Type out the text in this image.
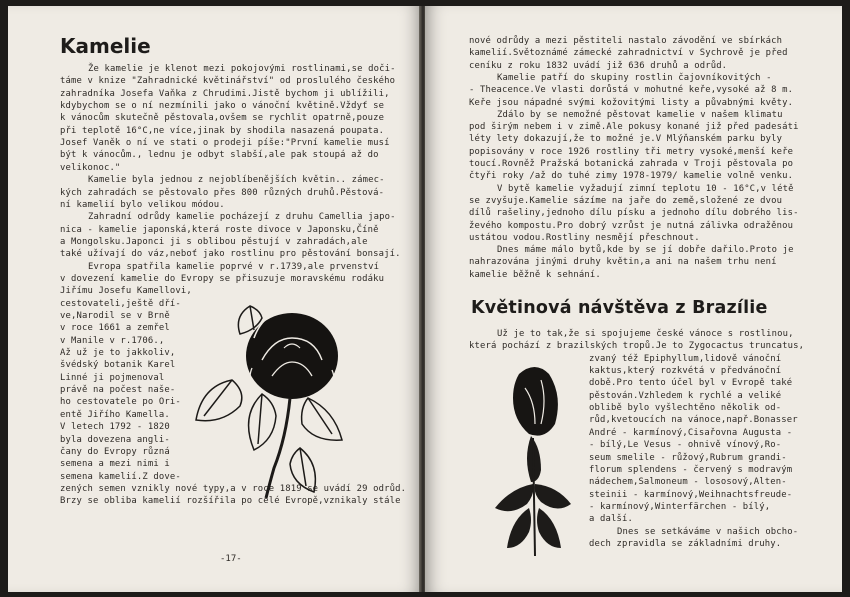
Kamelie
Že kamelie je klenot mezi pokojovými rostlinami,se doči-
táme v knize "Zahradnické květinářství" od proslulého českého
zahradníka Josefa Vaňka z Chrudimi.Jistě bychom ji ublížili,
kdybychom se o ní nezmínili jako o vánoční květině.Vždyť se
k vánocům skutečně pěstovala,ovšem se rychlit opatrně,pouze
při teplotě 16°C,ne více,jinak by shodila nasazená poupata.
Josef Vaněk o ní ve stati o prodeji píše:"První kamelie musí
být k vánocům., lednu je odbyt slabší,ale pak stoupá až do
velikonoc."
Kamelie byla jednou z nejoblíbenějších květin.. zámec-
kých zahradách se pěstovalo přes 800 různých druhů.Pěstová-
ní kamelií bylo velikou módou.
Zahradní odrůdy kamelie pocházejí z druhu Camellia japo-
nica - kamelie japonská,která roste divoce v Japonsku,Číně
a Mongolsku.Japonci ji s oblibou pěstují v zahradách,ale
také užívají do váz,neboť jako rostlinu pro pěstování bonsají.
Evropa spatřila kamelie poprvé v r.1739,ale prvenství
v dovezení kamelie do Evropy se přisuzuje moravskému rodáku
Jiřímu Josefu Kamellovi,
cestovateli,ještě dří-
ve,Narodil se v Brně
v roce 1661 a zemřel
v Manile v r.1706.,
Až už je to jakkoliv,
švédský botanik Karel
Linné ji pojmenoval
právě na počest naše-
ho cestovatele po Ori-
entě Jiřího Kamella.
V letech 1792 - 1820
byla dovezena angli-
čany do Evropy různá
semena a mezi nimi i
semena kamelií.Z dove-
zených semen vznikly nové typy,a v roce 1819 se uvádí 29 odrůd.
Brzy se obliba kamelií rozšířila po celé Evropě,vznikaly stále
-17-
nové odrůdy a mezi pěstiteli nastalo závodění ve sbírkách
kamelií.Světoznámé zámecké zahradnictví v Sychrově je před
ceníku z roku 1832 uvádí již 636 druhů a odrůd.
Kamelie patří do skupiny rostlin čajovníkovitých -
- Theacence.Ve vlasti dorůstá v mohutné keře,vysoké až 8 m.
Keře jsou nápadné svými kožovitými listy a půvabnými květy.
Zdálo by se nemožné pěstovat kamelie v našem klimatu
pod širým nebem i v zimě.Ale pokusy konané již před padesáti
léty lety dokazují,že to možné je.V Mlýňanském parku byly
popisovány v roce 1926 rostliny tři metry vysoké,menší keře
toucí.Rovněž Pražská botanická zahrada v Troji pěstovala po
čtyři roky /až do tuhé zimy 1978-1979/ kamelie volně venku.
V bytě kamelie vyžadují zimní teplotu 10 - 16°C,v létě
se zvyšuje.Kamelie sázíme na jaře do země,složené ze dvou
dílů rašeliny,jednoho dílu písku a jednoho dílu dobrého lis-
ževého kompostu.Pro dobrý vzrůst je nutná zálivka odražěnou
ustátou vodou.Rostliny nesmějí přeschnout.
Dnes máme málo bytů,kde by se jí dobře dařilo.Proto je
nahrazována jinými druhy květin,a ani na našem trhu není
kamelie běžně k sehnání.
Květinová návštěva z Brazílie
Už je to tak,že si spojujeme české vánoce s rostlinou,
která pochází z brazilských tropů.Je to Zygocactus truncatus,
zvaný též Epiphyllum,lidově vánoční
kaktus,který rozkvétá v předvánoční
době.Pro tento účel byl v Evropě také
pěstován.Vzhledem k rychlé a veliké
oblibě bylo vyšlechtěno několik od-
růd,kvetoucích na vánoce,např.Bonasser
André - karmínový,Cisařovna Augusta -
- bílý,Le Vesus - ohnivě vínový,Ro-
seum smelile - růžový,Rubrum grandi-
florum splendens - červený s modravým
nádechem,Salmoneum - lososový,Alten-
steinii - karmínový,Weihnachtsfreude-
- karmínový,Winterfärchen - bílý,
a další.
Dnes se setkáváme v našich obcho-
dech zpravidla se základními druhy.
